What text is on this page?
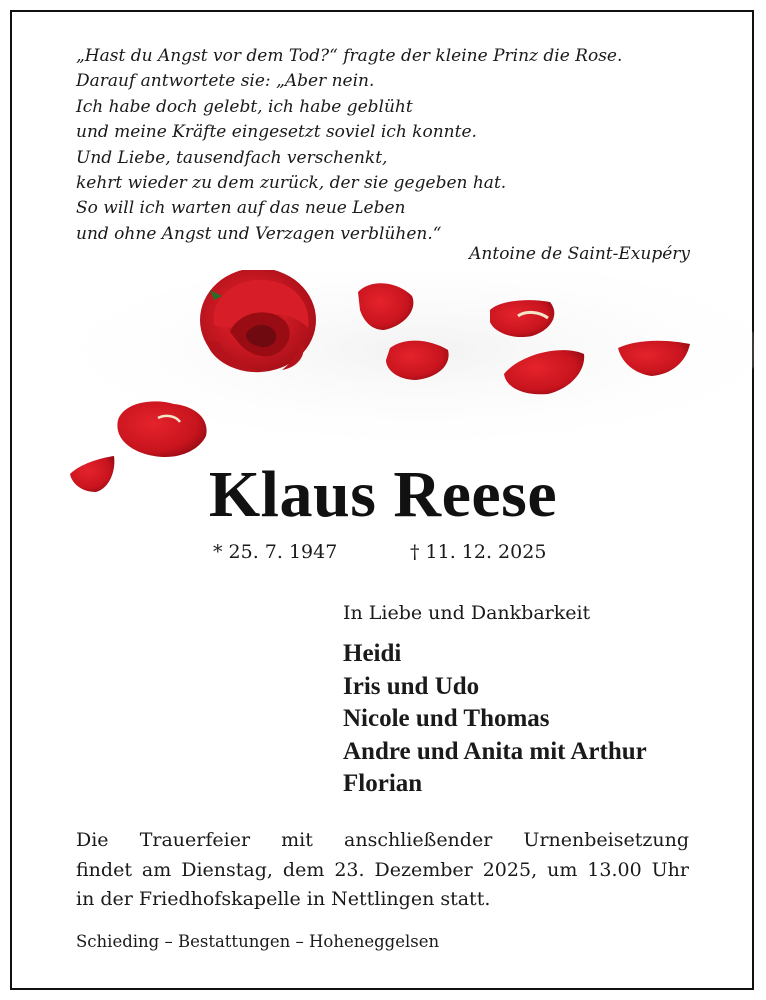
„Hast du Angst vor dem Tod?“ fragte der kleine Prinz die Rose.
Darauf antwortete sie: „Aber nein.
Ich habe doch gelebt, ich habe geblüht
und meine Kräfte eingesetzt soviel ich konnte.
Und Liebe, tausendfach verschenkt,
kehrt wieder zu dem zurück, der sie gegeben hat.
So will ich warten auf das neue Leben
und ohne Angst und Verzagen verblühen.“
Antoine de Saint-Exupéry
Klaus Reese
* 25. 7. 1947	† 11. 12. 2025
In Liebe und Dankbarkeit
Heidi
Iris und Udo
Nicole und Thomas
Andre und Anita mit Arthur
Florian
Die Trauerfeier mit anschließender Urnenbeisetzung
findet am Dienstag, dem 23. Dezember 2025, um 13.00 Uhr
in der Friedhofskapelle in Nettlingen statt.
Schieding – Bestattungen – Hoheneggelsen
